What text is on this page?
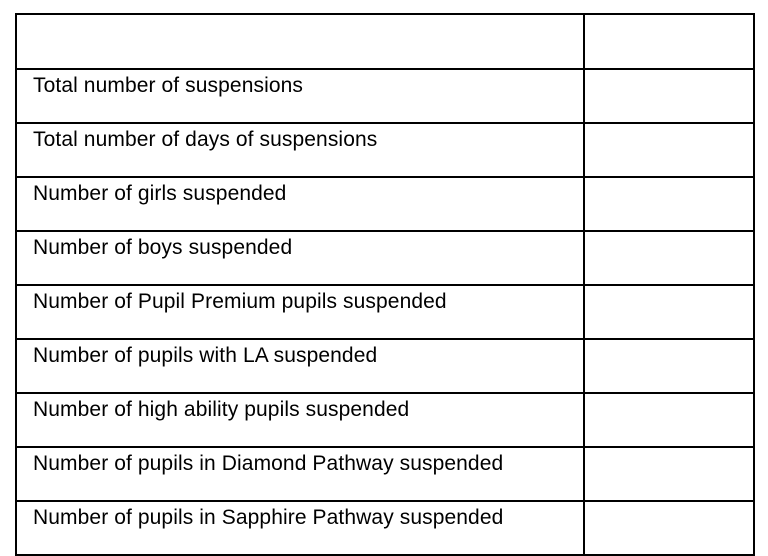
Total number of suspensions	
Total number of days of suspensions	
Number of girls suspended	
Number of boys suspended	
Number of Pupil Premium pupils suspended	
Number of pupils with LA suspended	
Number of high ability pupils suspended	
Number of pupils in Diamond Pathway suspended	
Number of pupils in Sapphire Pathway suspended	
